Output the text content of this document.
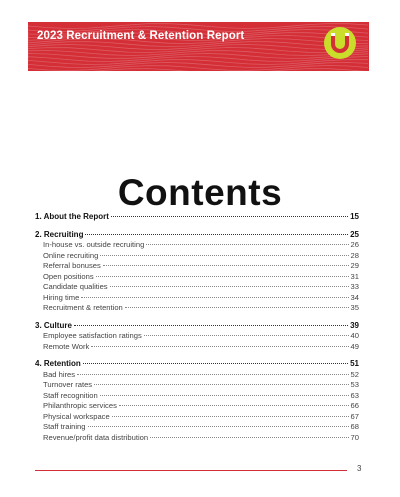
2023 Recruitment & Retention Report
Contents
1. About the Report	15
2. Recruiting	25
In-house vs. outside recruiting	26
Online recruiting	28
Referral bonuses	29
Open positions	31
Candidate qualities	33
Hiring time	34
Recruitment & retention	35
3. Culture	39
Employee satisfaction ratings	40
Remote Work	49
4. Retention	51
Bad hires	52
Turnover rates	53
Staff recognition	63
Philanthropic services	66
Physical workspace	67
Staff training	68
Revenue/profit data distribution	70
3
